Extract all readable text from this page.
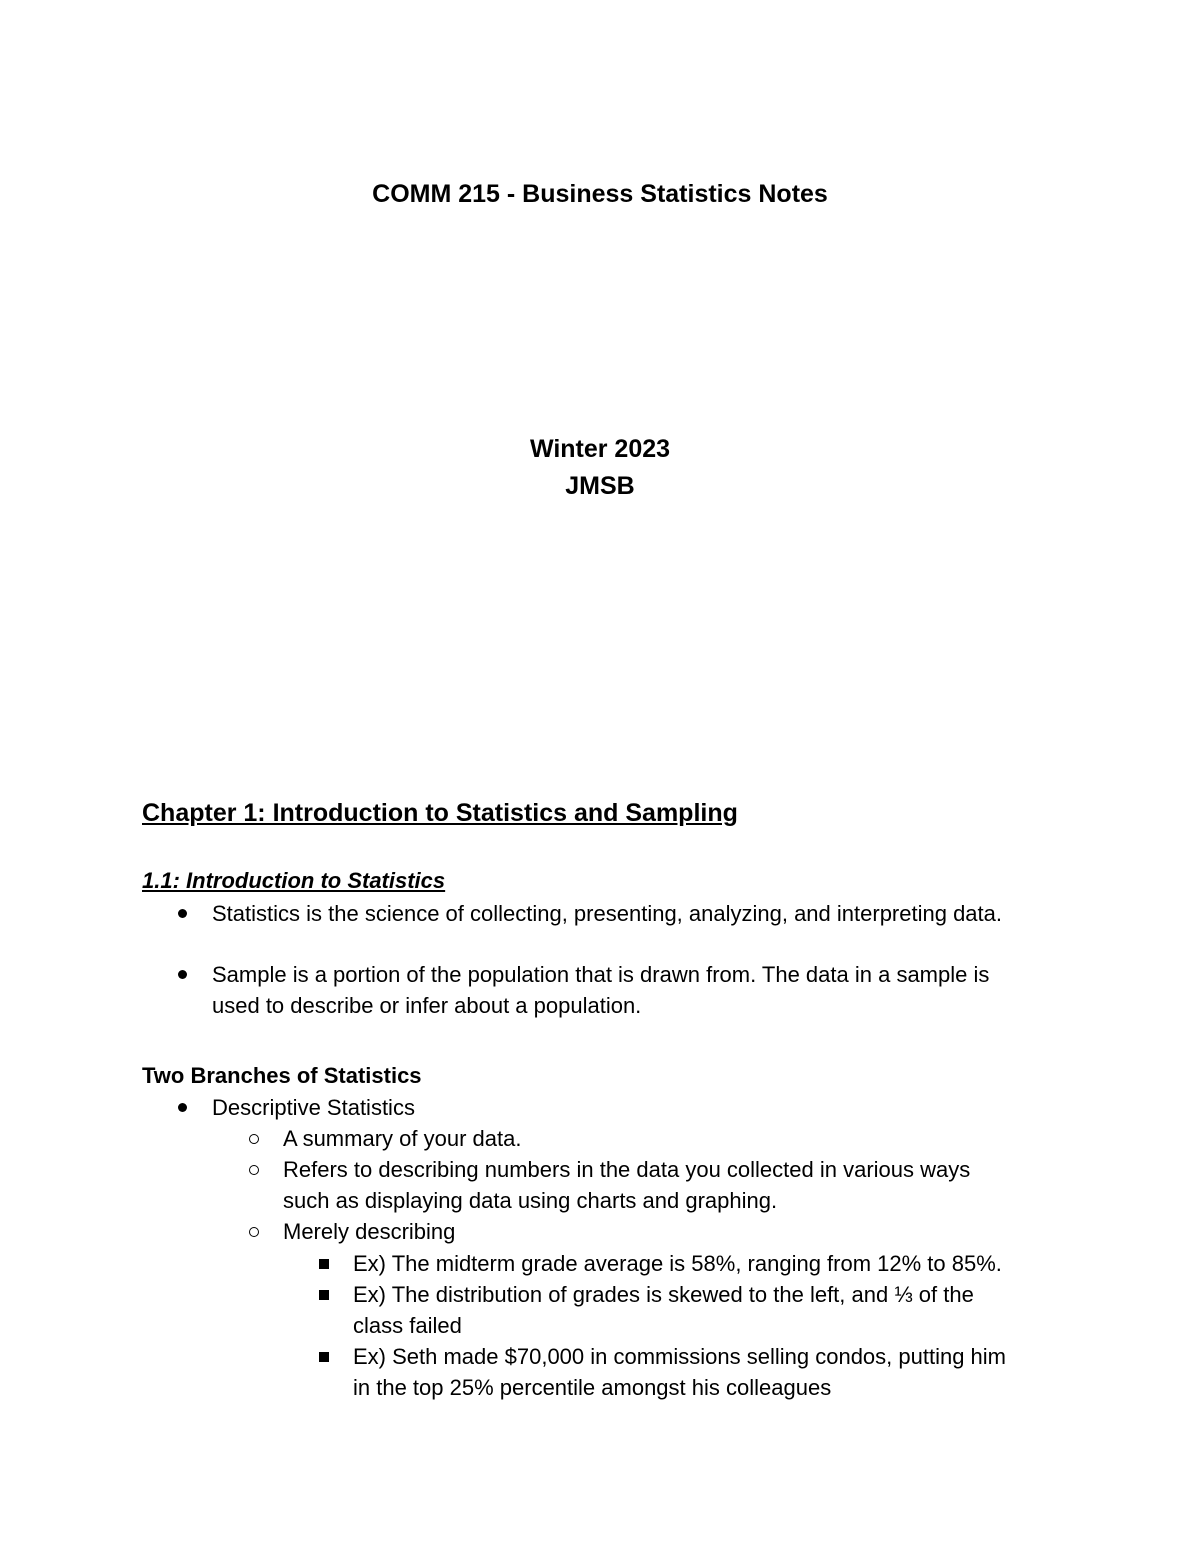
COMM 215 - Business Statistics Notes
Winter 2023
JMSB
Chapter 1: Introduction to Statistics and Sampling
1.1: Introduction to Statistics
Statistics is the science of collecting, presenting, analyzing, and interpreting data.
Sample is a portion of the population that is drawn from. The data in a sample is
used to describe or infer about a population.
Two Branches of Statistics
Descriptive Statistics
A summary of your data.
Refers to describing numbers in the data you collected in various ways
such as displaying data using charts and graphing.
Merely describing
Ex) The midterm grade average is 58%, ranging from 12% to 85%.
Ex) The distribution of grades is skewed to the left, and ⅓ of the
class failed
Ex) Seth made $70,000 in commissions selling condos, putting him
in the top 25% percentile amongst his colleagues
